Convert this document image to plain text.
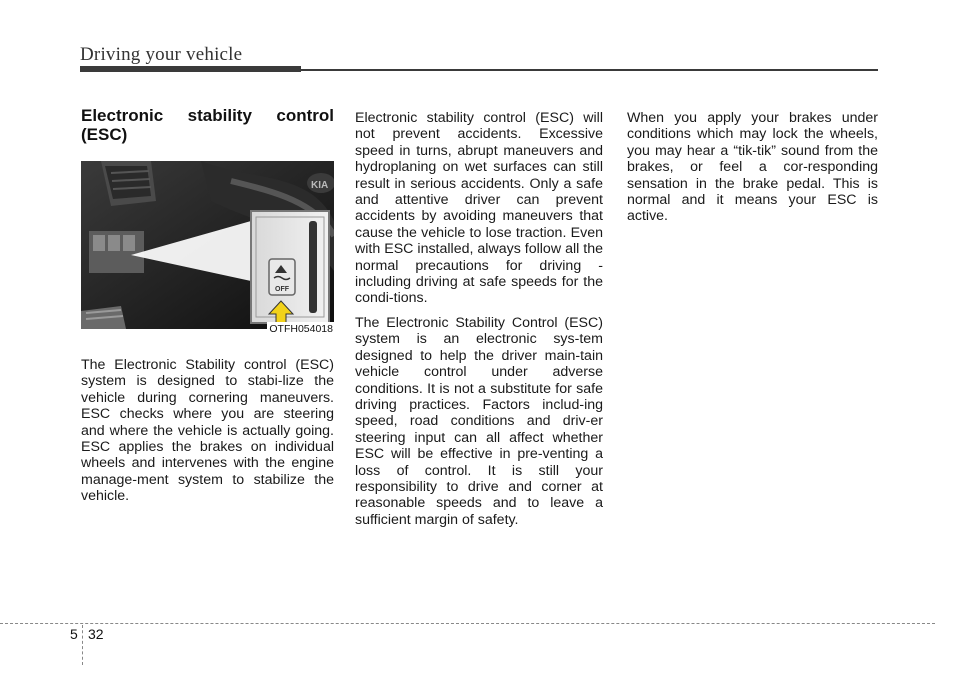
Driving your vehicle
Electronic stability control (ESC)
KIA
OFF

The Electronic Stability control (ESC) system is designed to stabi-lize the vehicle during cornering maneuvers. ESC checks where you are steering and where the vehicle is actually going. ESC applies the brakes on individual wheels and intervenes with the engine manage-ment system to stabilize the vehicle.

OTFH054018

Electronic stability control (ESC) will not prevent accidents. Excessive speed in turns, abrupt maneuvers and hydroplaning on wet surfaces can still result in serious accidents. Only a safe and attentive driver can prevent accidents by avoiding maneuvers that cause the vehicle to lose traction. Even with ESC installed, always follow all the normal precautions for driving - including driving at safe speeds for the condi-tions.

The Electronic Stability Control (ESC) system is an electronic sys-tem designed to help the driver main-tain vehicle control under adverse conditions. It is not a substitute for safe driving practices. Factors includ-ing speed, road conditions and driv-er steering input can all affect whether ESC will be effective in pre-venting a loss of control. It is still your responsibility to drive and corner at reasonable speeds and to leave a sufficient margin of safety.

When you apply your brakes under conditions which may lock the wheels, you may hear a “tik-tik” sound from the brakes, or feel a cor-responding sensation in the brake pedal. This is normal and it means your ESC is active.

5 32
